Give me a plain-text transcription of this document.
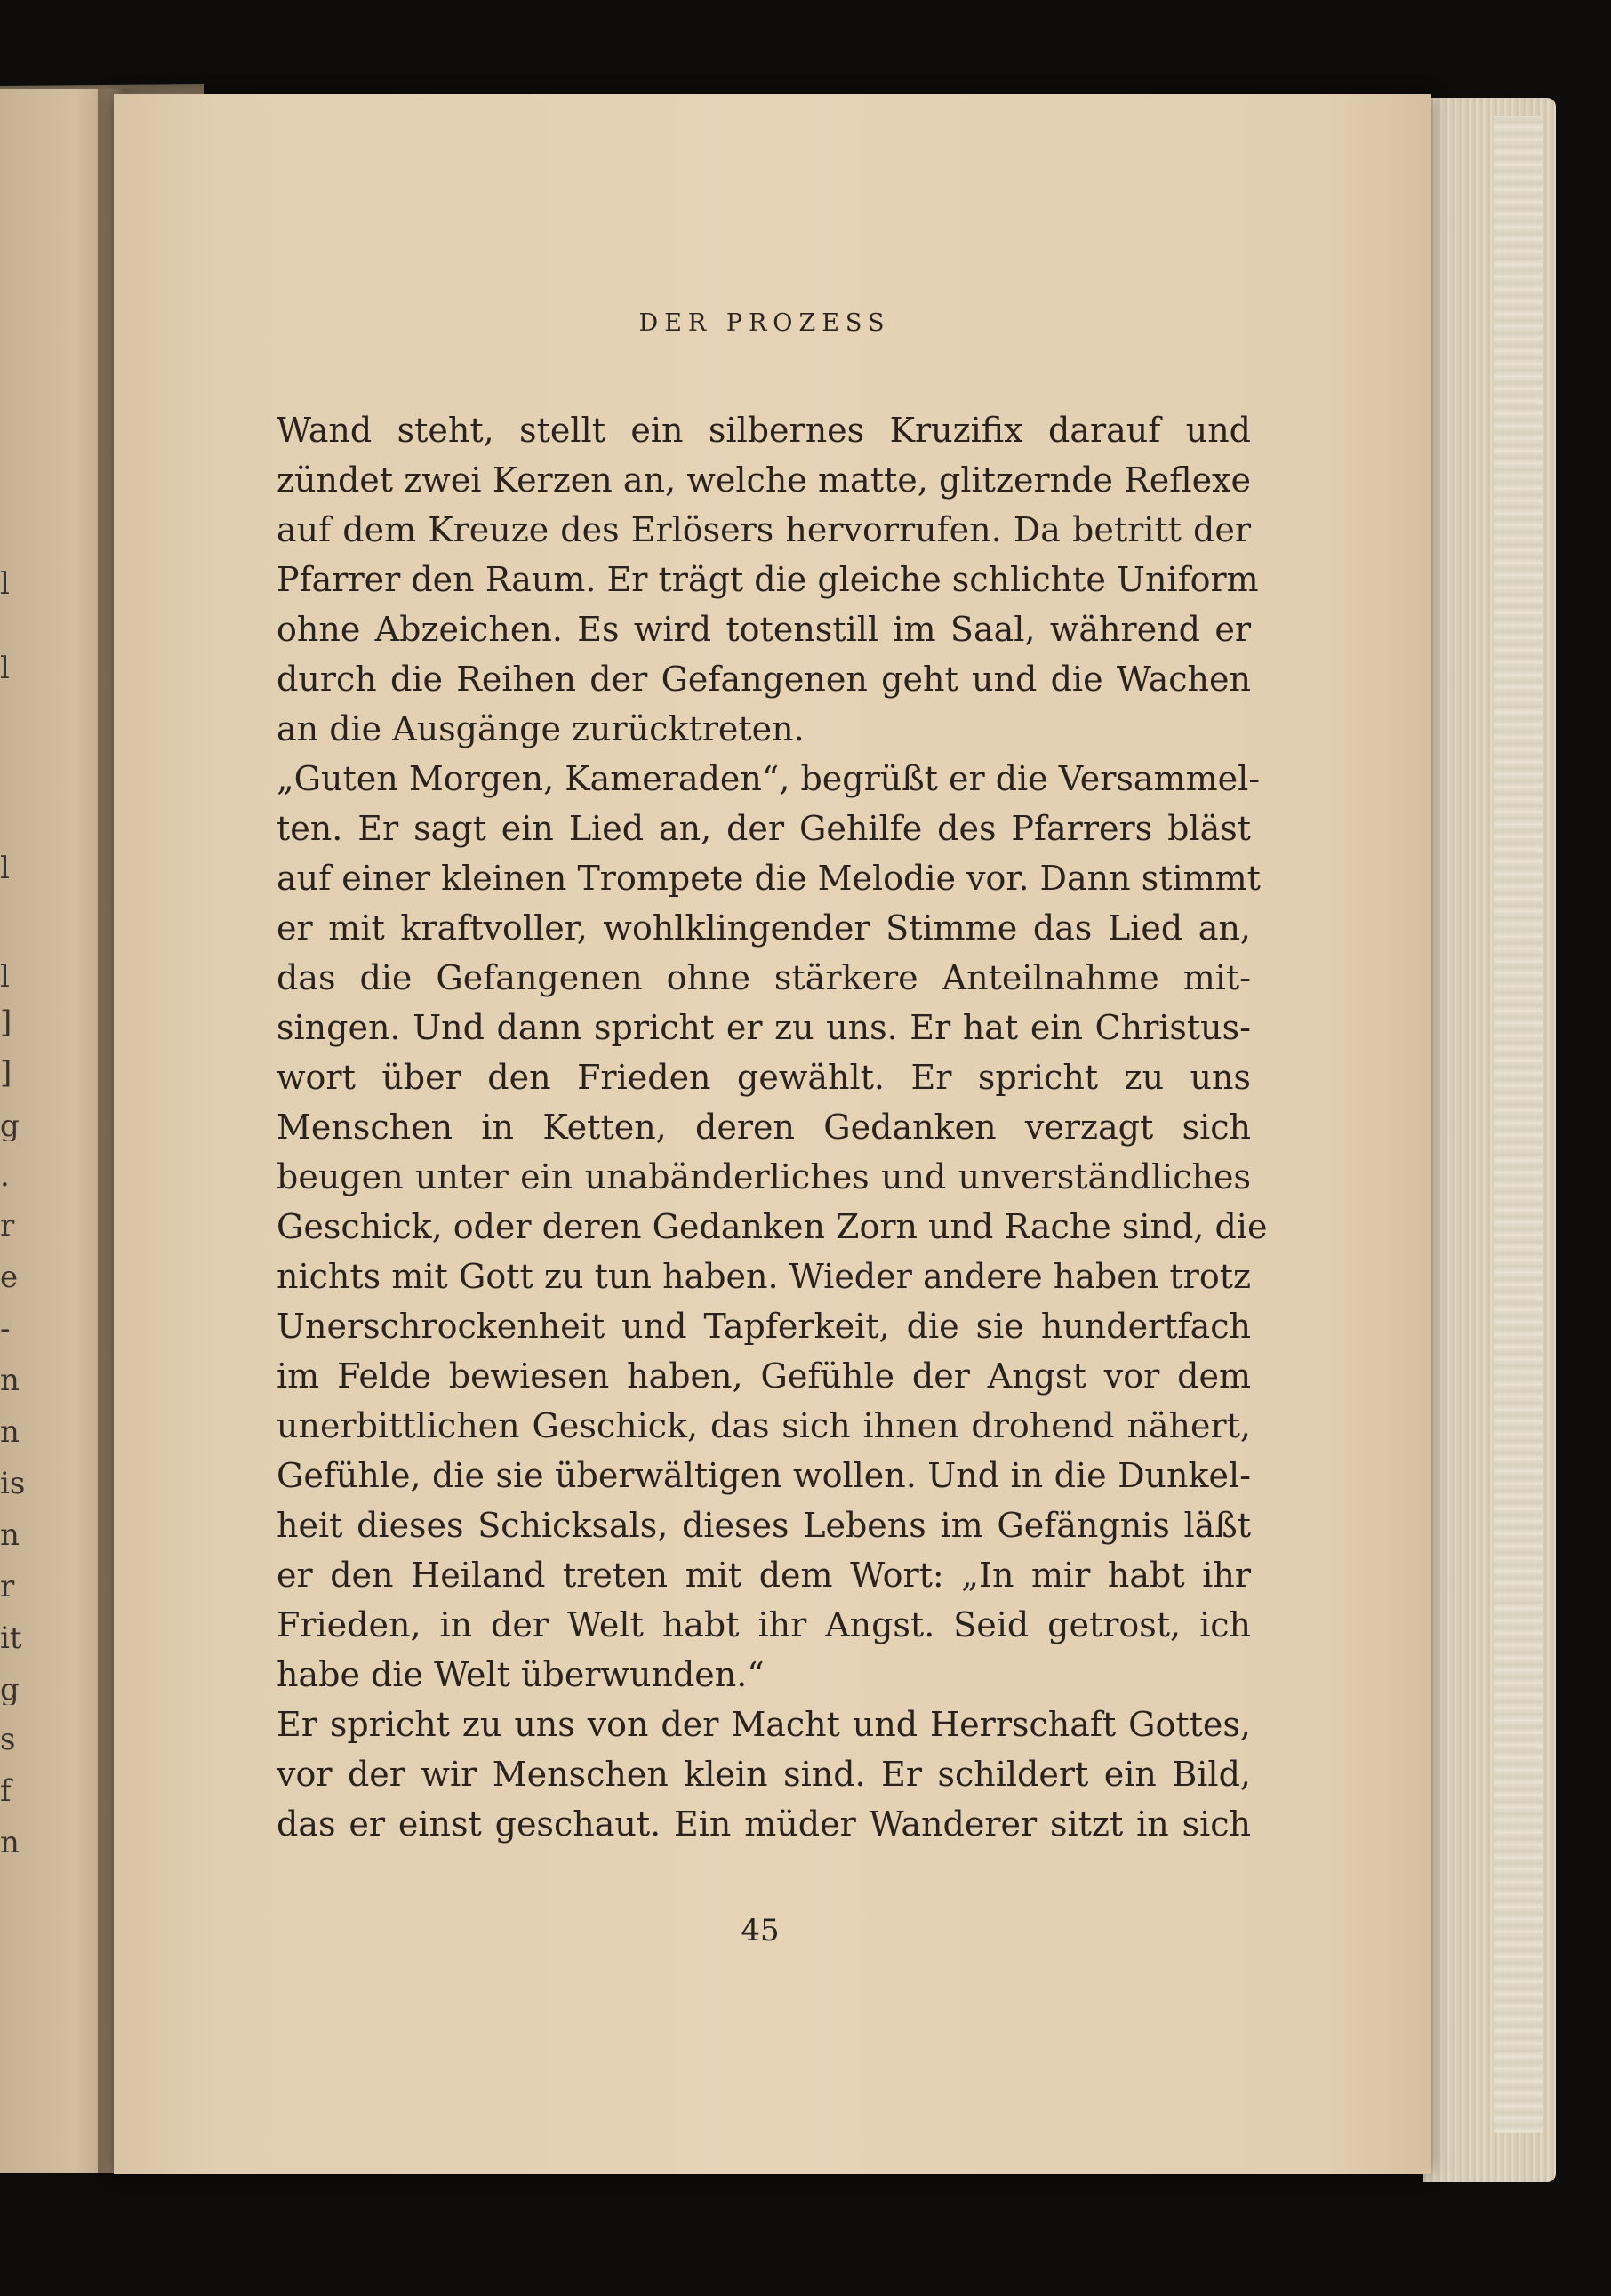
l
l
l
l
]
]
g
.
r
e
-
n
n
is
n
r
it
g
s
f
n
DER PROZESS
Wand steht, stellt ein silbernes Kruzifix darauf und
zündet zwei Kerzen an, welche matte, glitzernde Reflexe
auf dem Kreuze des Erlösers hervorrufen. Da betritt der
Pfarrer den Raum. Er trägt die gleiche schlichte Uniform
ohne Abzeichen. Es wird totenstill im Saal, während er
durch die Reihen der Gefangenen geht und die Wachen
an die Ausgänge zurücktreten.
„Guten Morgen, Kameraden“, begrüßt er die Versammel-
ten. Er sagt ein Lied an, der Gehilfe des Pfarrers bläst
auf einer kleinen Trompete die Melodie vor. Dann stimmt
er mit kraftvoller, wohlklingender Stimme das Lied an,
das die Gefangenen ohne stärkere Anteilnahme mit-
singen. Und dann spricht er zu uns. Er hat ein Christus-
wort über den Frieden gewählt. Er spricht zu uns
Menschen in Ketten, deren Gedanken verzagt sich
beugen unter ein unabänderliches und unverständliches
Geschick, oder deren Gedanken Zorn und Rache sind, die
nichts mit Gott zu tun haben. Wieder andere haben trotz
Unerschrockenheit und Tapferkeit, die sie hundertfach
im Felde bewiesen haben, Gefühle der Angst vor dem
unerbittlichen Geschick, das sich ihnen drohend nähert,
Gefühle, die sie überwältigen wollen. Und in die Dunkel-
heit dieses Schicksals, dieses Lebens im Gefängnis läßt
er den Heiland treten mit dem Wort: „In mir habt ihr
Frieden, in der Welt habt ihr Angst. Seid getrost, ich
habe die Welt überwunden.“
Er spricht zu uns von der Macht und Herrschaft Gottes,
vor der wir Menschen klein sind. Er schildert ein Bild,
das er einst geschaut. Ein müder Wanderer sitzt in sich
45
